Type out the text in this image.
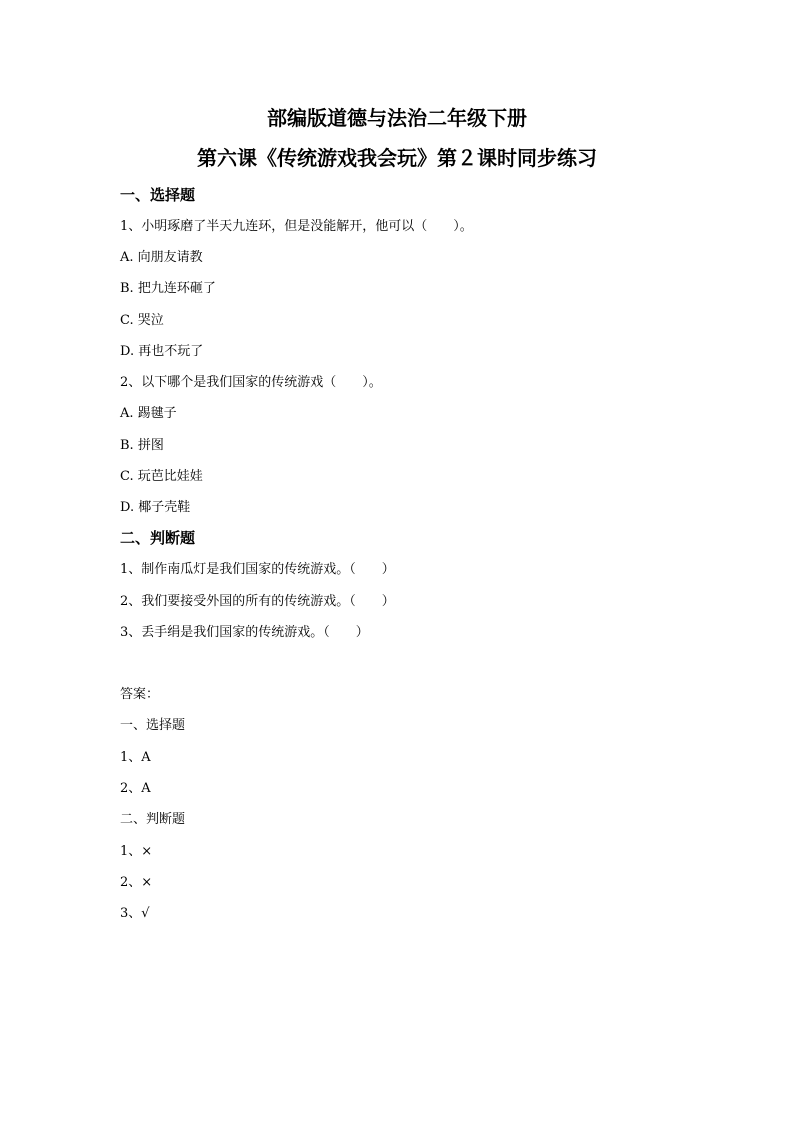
部编版道德与法治二年级下册
第六课《传统游戏我会玩》第２课时同步练习
一、选择题
1、小明琢磨了半天九连环，但是没能解开，他可以（　　）。
A. 向朋友请教
B. 把九连环砸了
C. 哭泣
D. 再也不玩了
2、以下哪个是我们国家的传统游戏（　　）。
A. 踢毽子
B. 拼图
C. 玩芭比娃娃
D. 椰子壳鞋
二、判断题
1、制作南瓜灯是我们国家的传统游戏。（　　）
2、我们要接受外国的所有的传统游戏。（　　）
3、丢手绢是我们国家的传统游戏。（　　）
答案：
一、选择题
1、A
2、A
二、判断题
1、×
2、×
3、√
